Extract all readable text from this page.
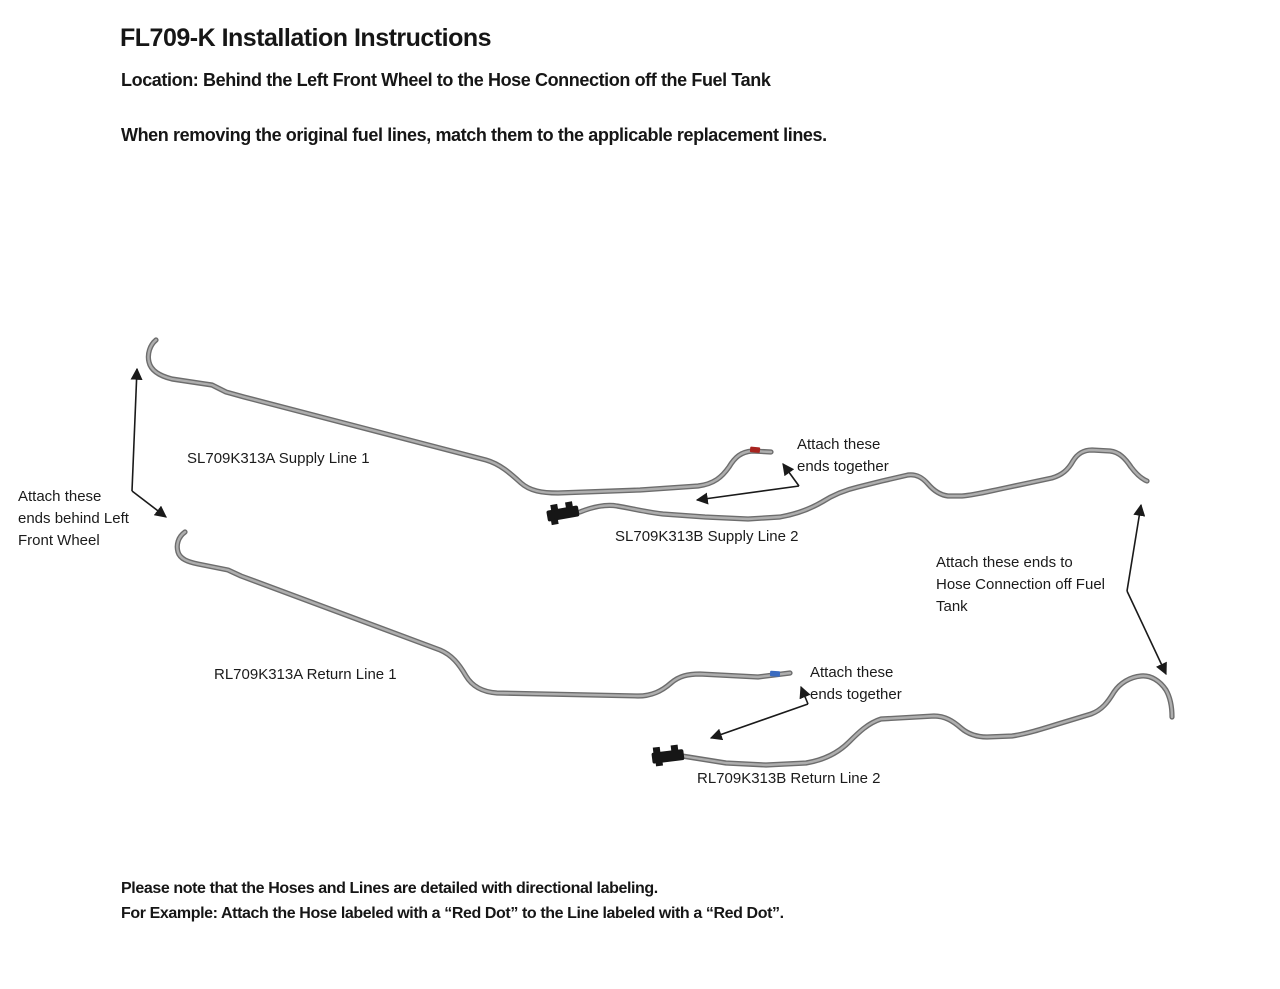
FL709-K Installation Instructions
Location: Behind the Left Front Wheel to the Hose Connection off the Fuel Tank
When removing the original fuel lines, match them to the applicable replacement lines.
SL709K313A Supply Line 1
SL709K313B Supply Line 2
RL709K313A Return Line 1
RL709K313B Return Line 2
Attach these
ends behind Left
Front Wheel
Attach these
ends together
Attach these ends to
Hose Connection off Fuel
Tank
Attach these
ends together
Please note that the Hoses and Lines are detailed with directional labeling.
For Example: Attach the Hose labeled with a “Red Dot” to the Line labeled with a “Red Dot”.
